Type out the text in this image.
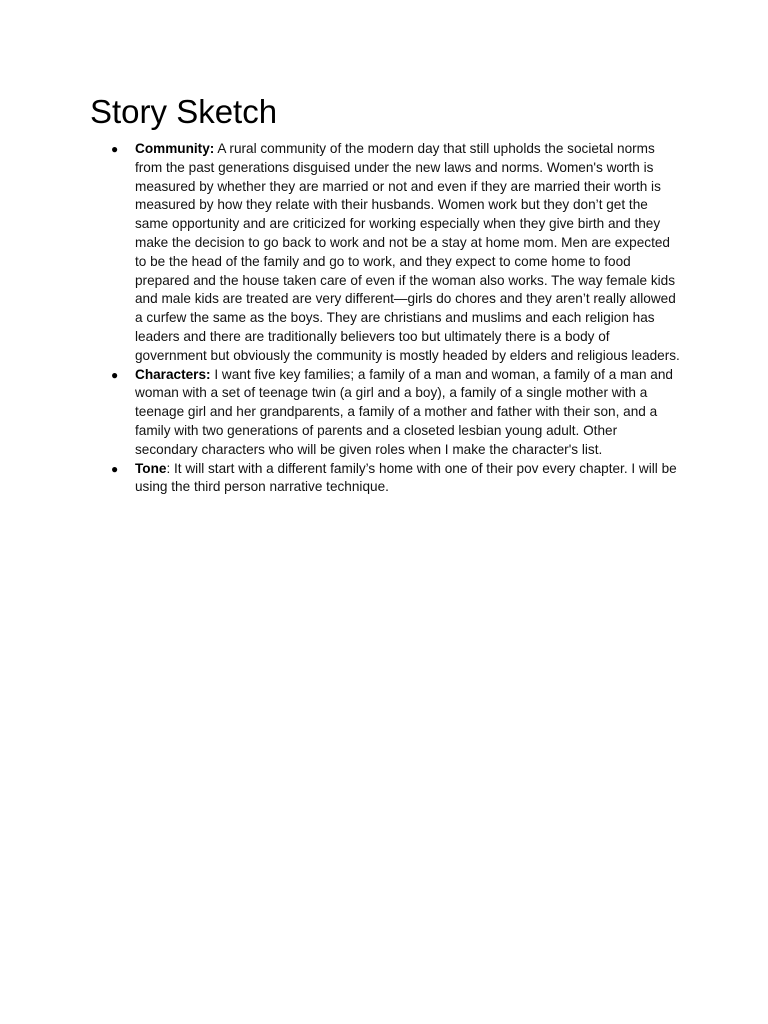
Story Sketch
● Community: A rural community of the modern day that still upholds the societal norms from the past generations disguised under the new laws and norms. Women's worth is measured by whether they are married or not and even if they are married their worth is measured by how they relate with their husbands. Women work but they don’t get the same opportunity and are criticized for working especially when they give birth and they make the decision to go back to work and not be a stay at home mom. Men are expected to be the head of the family and go to work, and they expect to come home to food prepared and the house taken care of even if the woman also works. The way female kids and male kids are treated are very different—girls do chores and they aren’t really allowed a curfew the same as the boys. They are christians and muslims and each religion has leaders and there are traditionally believers too but ultimately there is a body of government but obviously the community is mostly headed by elders and religious leaders.
● Characters: I want five key families; a family of a man and woman, a family of a man and woman with a set of teenage twin (a girl and a boy), a family of a single mother with a teenage girl and her grandparents, a family of a mother and father with their son, and a family with two generations of parents and a closeted lesbian young adult. Other secondary characters who will be given roles when I make the character's list.
● Tone: It will start with a different family’s home with one of their pov every chapter. I will be using the third person narrative technique.
